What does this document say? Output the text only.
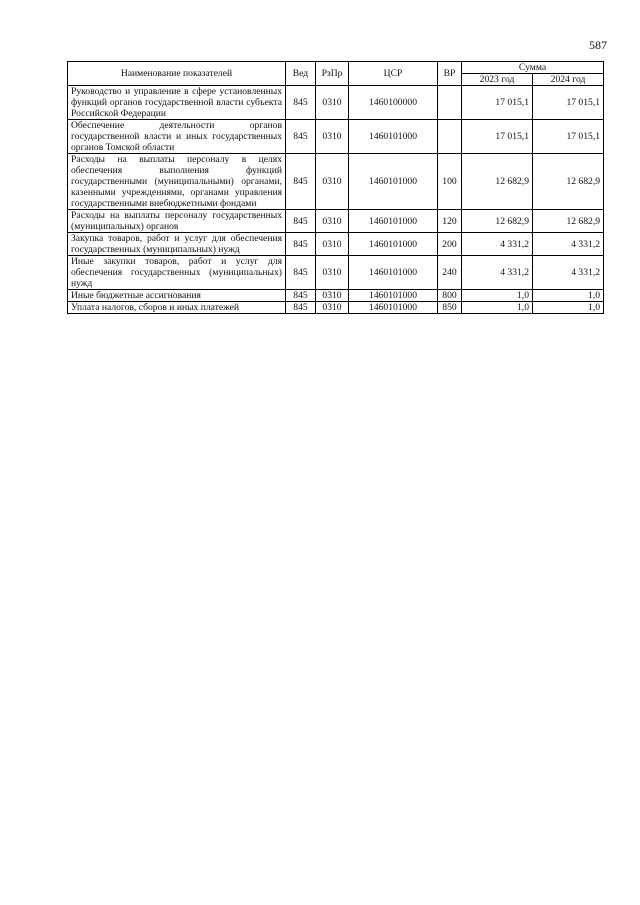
587
Наименование показателей	Вед	РзПр	ЦСР	ВР	Сумма	
					2023 год	2024 год
Руководство и управление в сфере установленных функций органов государственной власти субъекта Российской Федерации	845	0310	1460100000		17 015,1	17 015,1
Обеспечение деятельности органов государственной власти и иных государственных органов Томской области	845	0310	1460101000		17 015,1	17 015,1
Расходы на выплаты персоналу в целях обеспечения выполнения функций государственными (муниципальными) органами, казенными учреждениями, органами управления государственными внебюджетными фондами	845	0310	1460101000	100	12 682,9	12 682,9
Расходы на выплаты персоналу государственных (муниципальных) органов	845	0310	1460101000	120	12 682,9	12 682,9
Закупка товаров, работ и услуг для обеспечения государственных (муниципальных) нужд	845	0310	1460101000	200	4 331,2	4 331,2
Иные закупки товаров, работ и услуг для обеспечения государственных (муниципальных) нужд	845	0310	1460101000	240	4 331,2	4 331,2
Иные бюджетные ассигнования	845	0310	1460101000	800	1,0	1,0
Уплата налогов, сборов и иных платежей	845	0310	1460101000	850	1,0	1,0
